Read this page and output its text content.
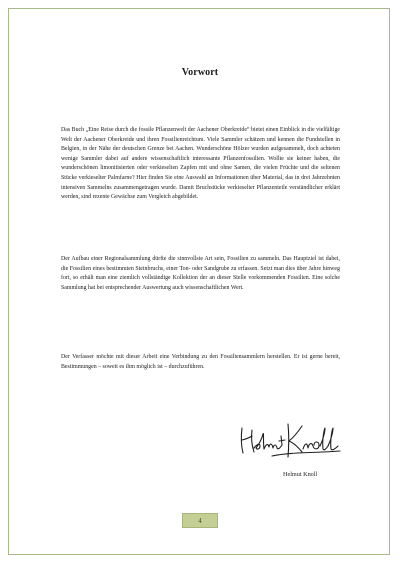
Vorwort

Das Buch „Eine Reise durch die fossile Pflanzenwelt der Aachener Oberkreide“ bietet einen Einblick in die vielfältige Welt der Aachener Oberkreide und ihren Fossilienreichtum. Viele Sammler schätzen und kennen die Fundstellen in Belgien, in der Nähe der deutschen Grenze bei Aachen. Wunderschöne Hölzer wurden aufgesammelt, doch achteten wenige Sammler dabei auf andere wissenschaftlich interessante Pflanzenfossilien. Wollte sie keiner haben, die wunderschönen limonitisierten oder verkieselten Zapfen mit und ohne Samen, die vielen Früchte und die seltenen Stücke verkieselter Palmfarne? Hier finden Sie eine Auswahl an Informationen über Material, das in drei Jahrzehnten intensiven Sammelns zusammengetragen wurde. Damit Bruchstücke verkieselter Pflanzenteile verständlicher erklärt werden, sind rezente Gewächse zum Vergleich abgebildet.

Der Aufbau einer Regionalsammlung dürfte die sinnvollste Art sein, Fossilien zu sammeln. Das Hauptziel ist dabei, die Fossilien eines bestimmten Steinbruchs, einer Ton- oder Sandgrube zu erfassen. Setzt man dies über Jahre hinweg fort, so erhält man eine ziemlich vollständige Kollektion der an dieser Stelle vorkommenden Fossilien. Eine solche Sammlung hat bei entsprechender Auswertung auch wissenschaftlichen Wert.

Der Verfasser möchte mit dieser Arbeit eine Verbindung zu den Fossiliensammlern herstellen. Er ist gerne bereit, Bestimmungen – soweit es ihm möglich ist – durchzuführen.

Helmut Knoll

4
